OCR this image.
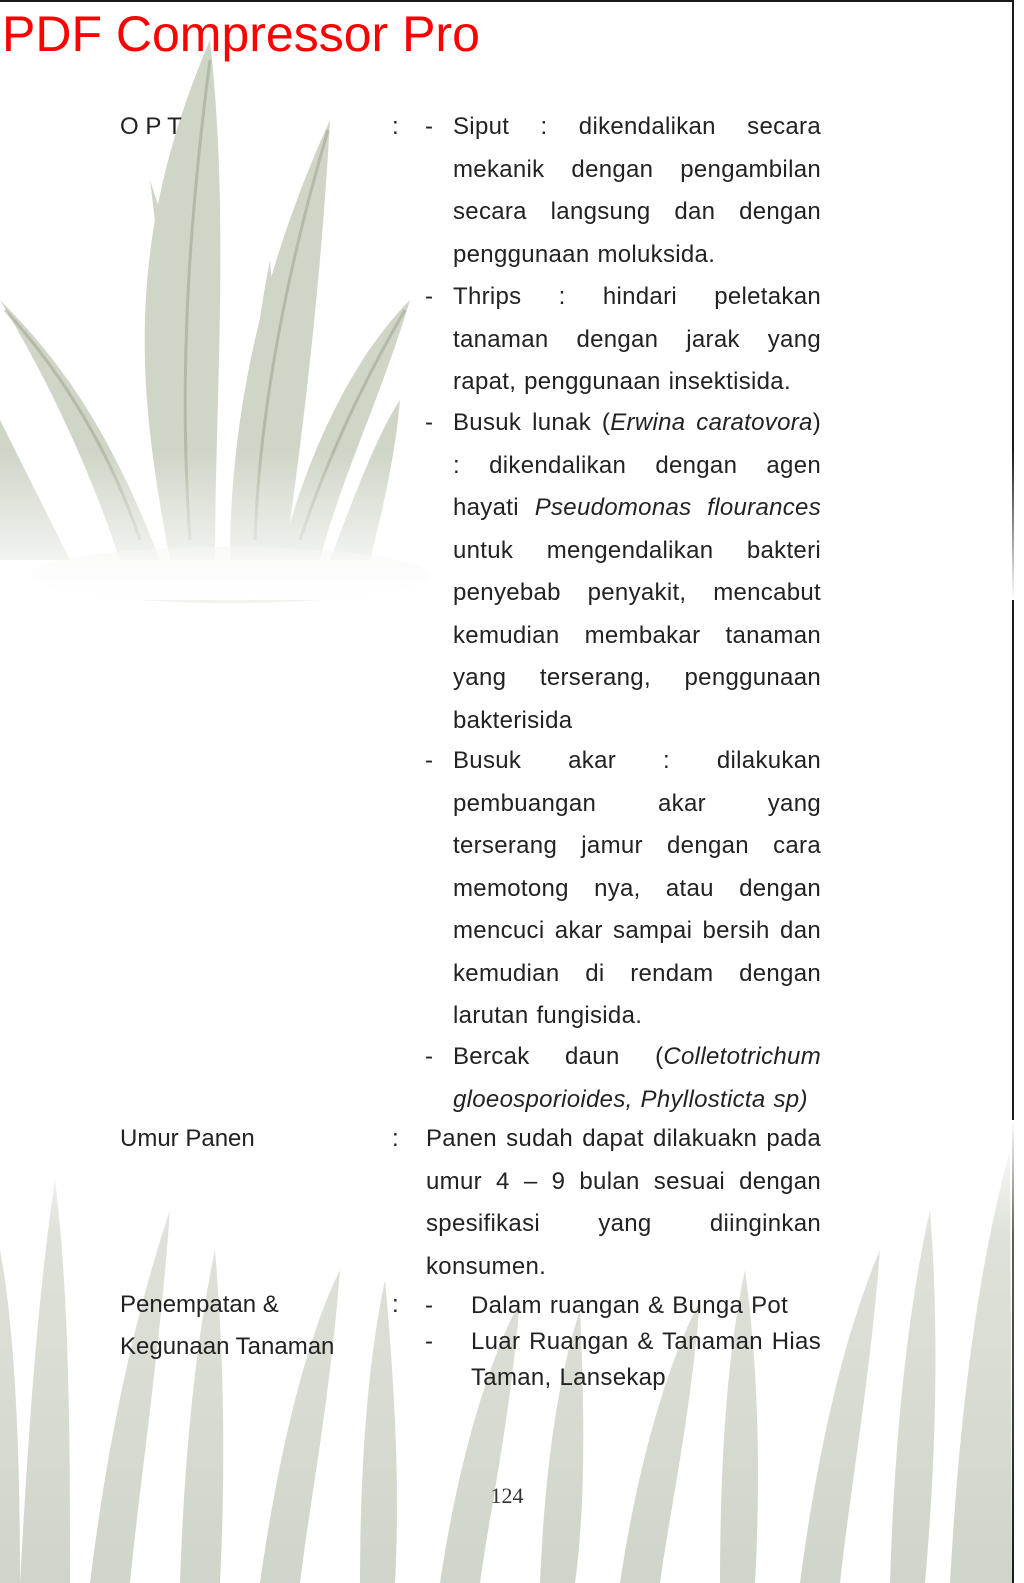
PDF Compressor Pro
O P T	: - Siput : dikendalikan secara mekanik dengan pengambilan secara langsung dan dengan penggunaan moluksida.
- Thrips : hindari peletakan tanaman dengan jarak yang rapat, penggunaan insektisida.
- Busuk lunak (Erwina caratovora) : dikendalikan dengan agen hayati Pseudomonas flourances untuk mengendalikan bakteri penyebab penyakit, mencabut kemudian membakar tanaman yang terserang, penggunaan bakterisida
- Busuk akar : dilakukan pembuangan akar yang terserang jamur dengan cara memotong nya, atau dengan mencuci akar sampai bersih dan kemudian di rendam dengan larutan fungisida.
- Bercak daun (Colletotrichum gloeosporioides, Phyllosticta sp)
Umur Panen	: Panen sudah dapat dilakuakn pada umur 4 – 9 bulan sesuai dengan spesifikasi yang diinginkan konsumen.
Penempatan &
Kegunaan Tanaman
: - Dalam ruangan & Bunga Pot
- Luar Ruangan & Tanaman Hias Taman, Lansekap
124
